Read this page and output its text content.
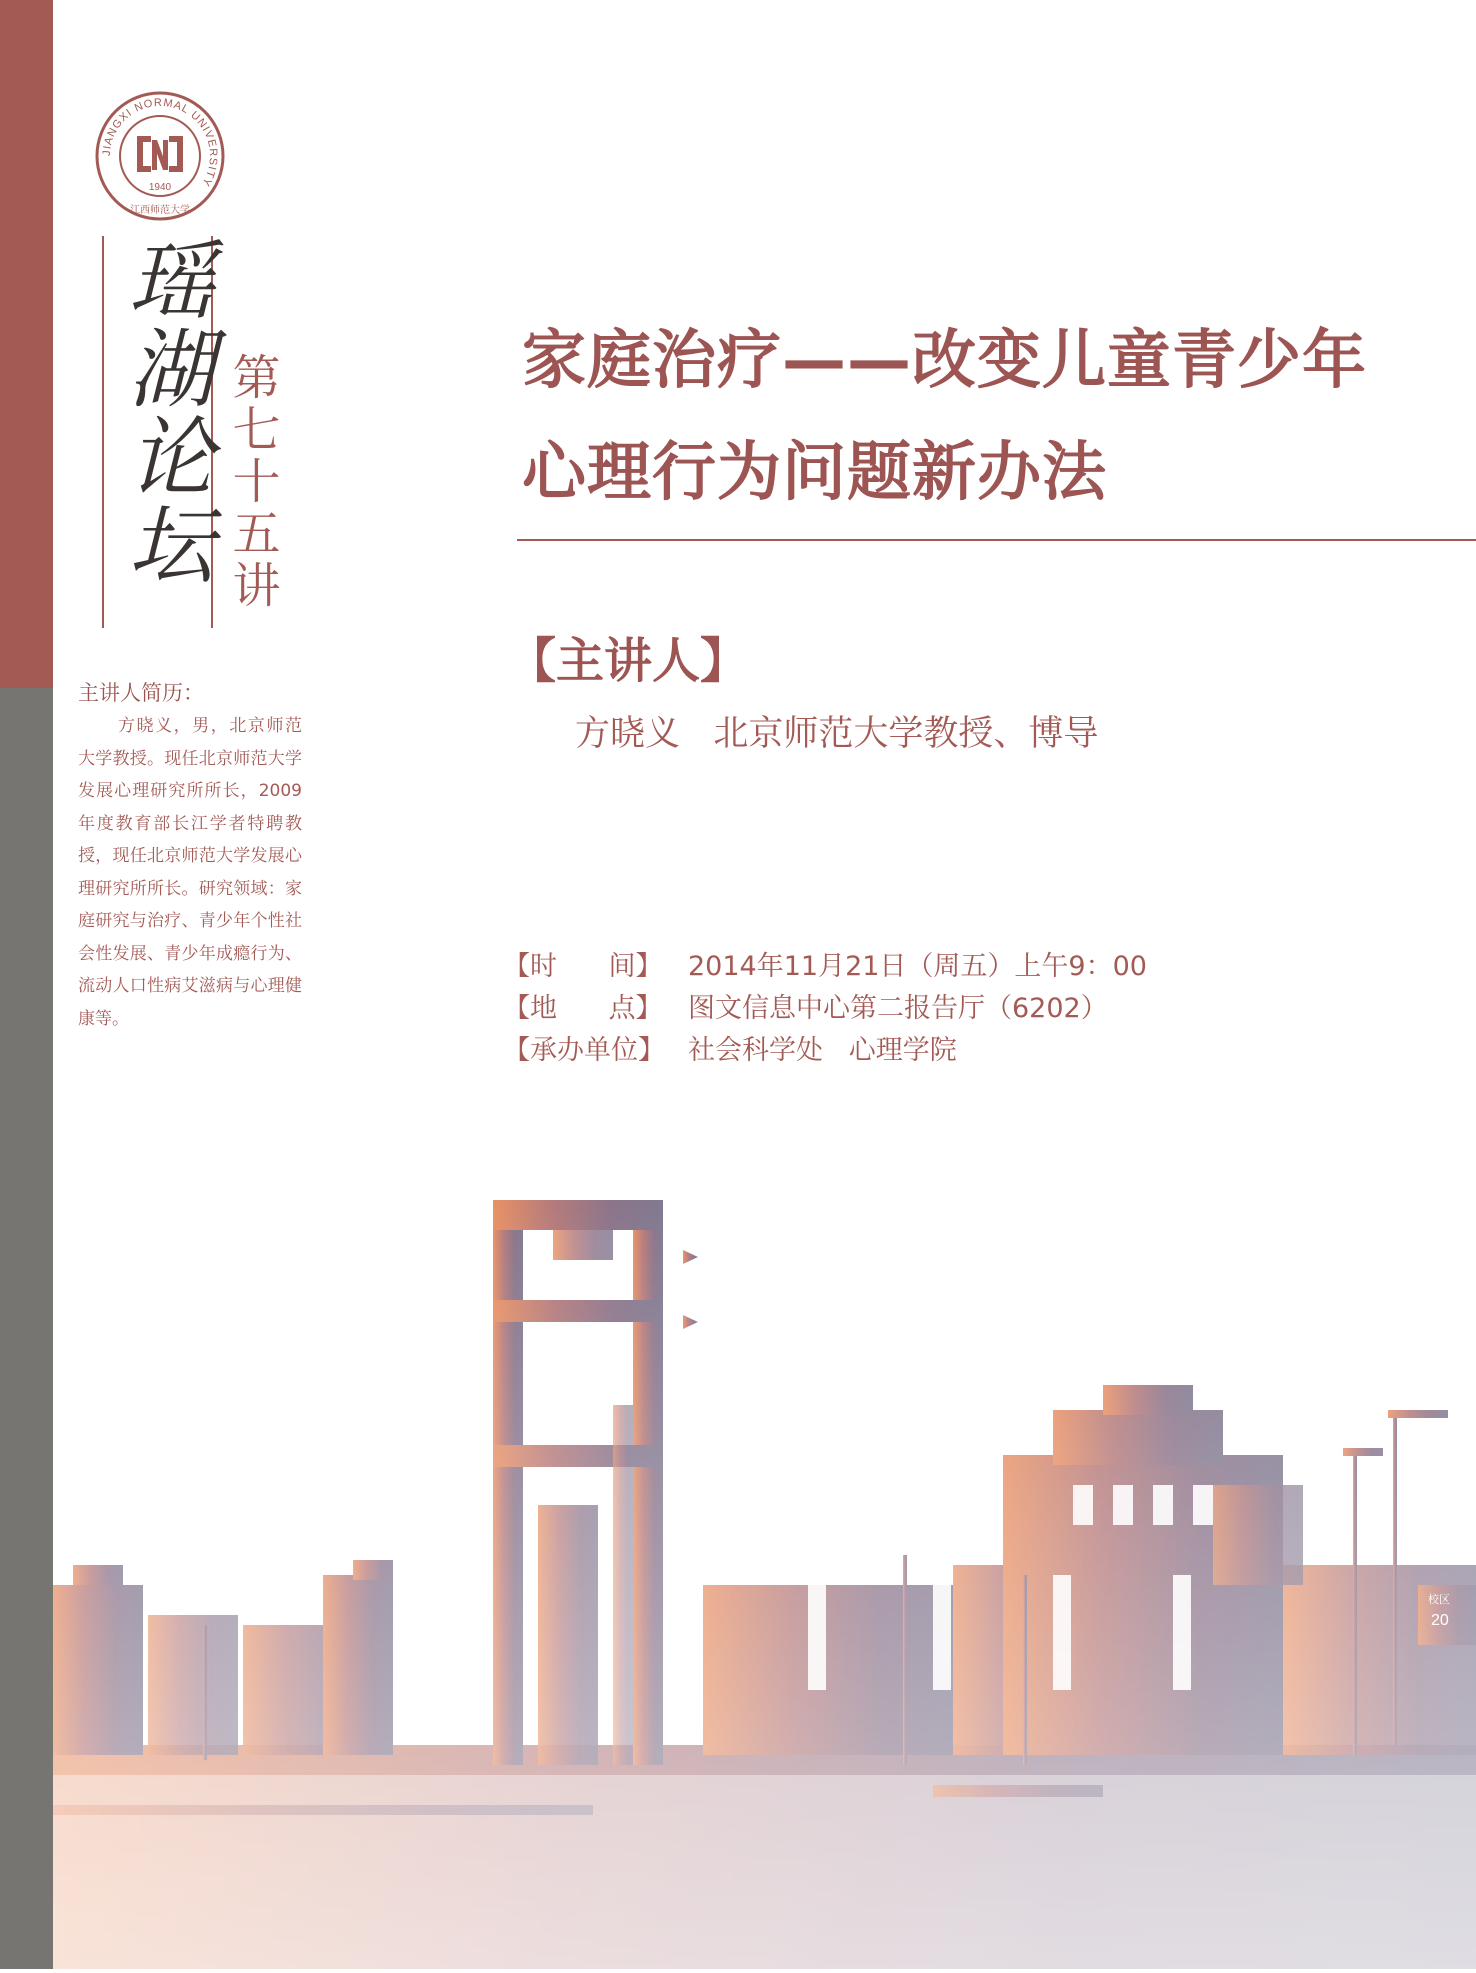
JIANGXI NORMAL UNIVERSITY
1940
江西师范大学
瑶湖论坛 第七十五讲
主讲人简历：
方晓义，男，北京师范大学教授。现任北京师范大学发展心理研究所所长，2009年度教育部长江学者特聘教授，现任北京师范大学发展心理研究所所长。研究领域：家庭研究与治疗、青少年个性社会性发展、青少年成瘾行为、流动人口性病艾滋病与心理健康等。
家庭治疗——改变儿童青少年
心理行为问题新办法
【主讲人】
方晓义   北京师范大学教授、博导
【时      间】 2014年11月21日（周五）上午9：00
【地      点】 图文信息中心第二报告厅（6202）
【承办单位】 社会科学处   心理学院
